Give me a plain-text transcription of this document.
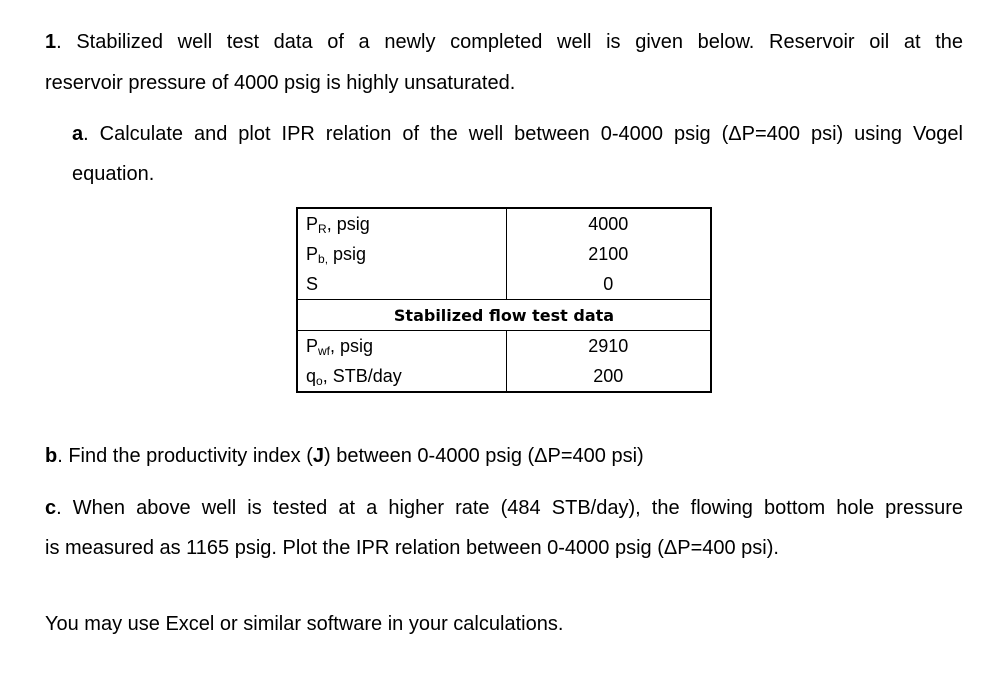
1. Stabilized well test data of a newly completed well is given below. Reservoir oil at the
reservoir pressure of 4000 psig is highly unsaturated.
a. Calculate and plot IPR relation of the well between 0-4000 psig (ΔP=400 psi) using Vogel
equation.
$P_R$, psig	4000
$P_{b,}$ psig	2100
S	0
Stabilized flow test data	
$P_{wf}$, psig	2910
$q_o$, STB/day	200
b. Find the productivity index (J) between 0-4000 psig (ΔP=400 psi)
c. When above well is tested at a higher rate (484 STB/day), the flowing bottom hole pressure
is measured as 1165 psig. Plot the IPR relation between 0-4000 psig (ΔP=400 psi).
You may use Excel or similar software in your calculations.
